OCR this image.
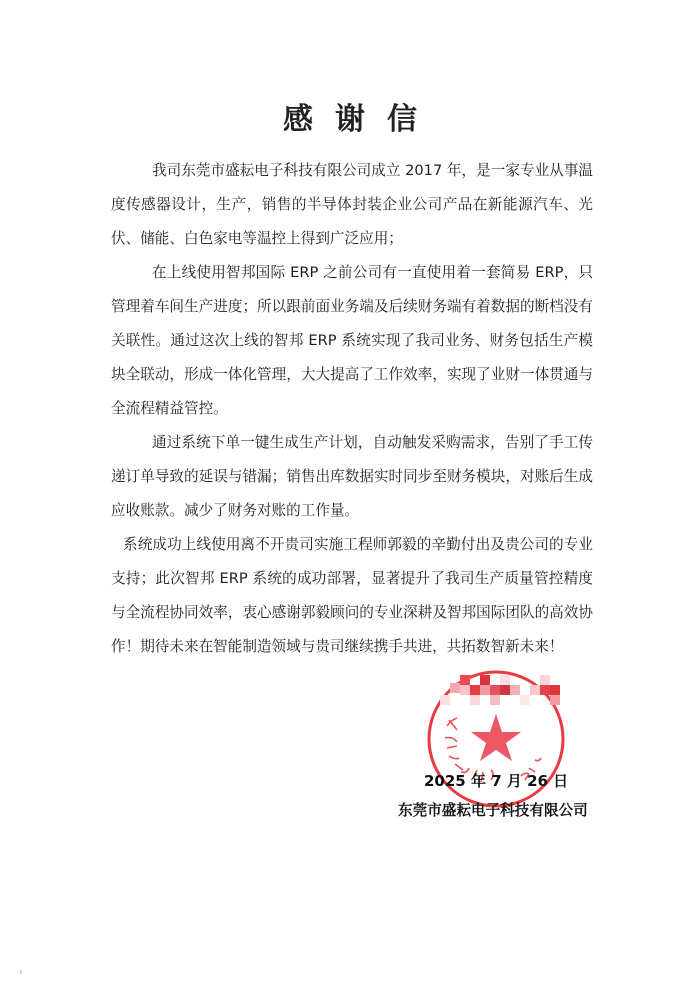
感谢信

我司东莞市盛耘电子科技有限公司成立 2017 年，是一家专业从事温度传感器设计，生产，销售的半导体封装企业公司产品在新能源汽车、光伏、储能、白色家电等温控上得到广泛应用；

在上线使用智邦国际 ERP 之前公司有一直使用着一套简易 ERP，只管理着车间生产进度；所以跟前面业务端及后续财务端有着数据的断档没有关联性。通过这次上线的智邦 ERP 系统实现了我司业务、财务包括生产模块全联动，形成一体化管理，大大提高了工作效率，实现了业财一体贯通与全流程精益管控。

通过系统下单一键生成生产计划，自动触发采购需求，告别了手工传递订单导致的延误与错漏；销售出库数据实时同步至财务模块，对账后生成应收账款。减少了财务对账的工作量。

系统成功上线使用离不开贵司实施工程师郭毅的辛勤付出及贵公司的专业支持；此次智邦 ERP 系统的成功部署，显著提升了我司生产质量管控精度与全流程协同效率，衷心感谢郭毅顾问的专业深耕及智邦国际团队的高效协作！期待未来在智能制造领域与贵司继续携手共进，共拓数智新未来！

2025 年 7 月 26 日
东莞市盛耘电子科技有限公司
